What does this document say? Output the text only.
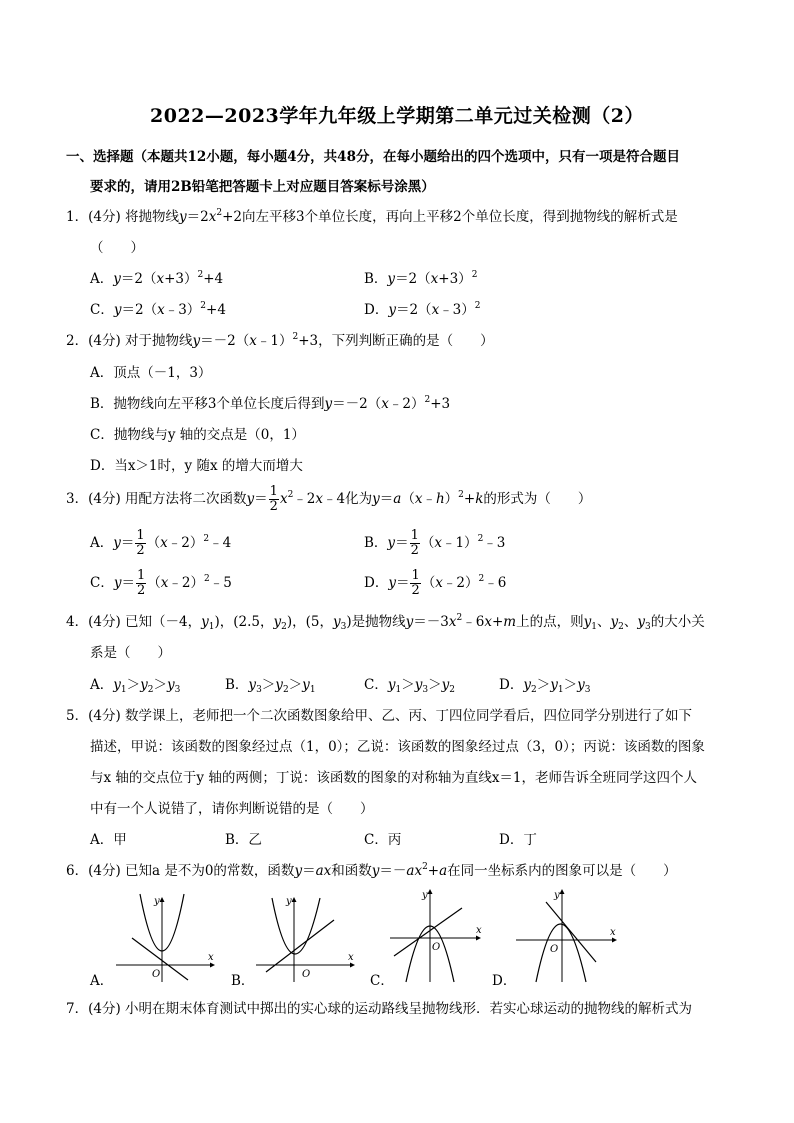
2022—2023学年九年级上学期第二单元过关检测（2）
一、选择题（本题共12小题，每小题4分，共48分，在每小题给出的四个选项中，只有一项是符合题目
要求的，请用2B铅笔把答题卡上对应题目答案标号涂黑）
1．(4分) 将抛物线$y=2x^2+2$向左平移3个单位长度，再向上平移2个单位长度，得到抛物线的解析式是
（　　）
A．$y=2(x+3)^2+4$	B．$y=2(x+3)^2$
C．y＝2（x﹣3）$^2$+4	D．y＝2（x﹣3）$^2$
2．(4分) 对于抛物线y＝－2（x﹣1）$^2$+3，下列判断正确的是（　　）
A．顶点（－1，3）
B．抛物线向左平移3个单位长度后得到y＝－2（x﹣2）$^2$+3
C．抛物线与y 轴的交点是（0，1）
D．当x＞1时，y 随x 的增大而增大
3．(4分) 用配方法将二次函数$y= \frac{1}{2}$ $x^2﹣2x﹣4$化为y＝a（x﹣h）$^2$+k的形式为（　　）
A．$y= \frac{1}{2}$ （x﹣2）$^2$﹣4	B．$y= \frac{1}{2}$ （x﹣1）$^2$﹣3
C．$y= \frac{1}{2}$ （x﹣2）$^2$﹣5	D．$y= \frac{1}{2}$ （x﹣2）$^2$﹣6
4．(4分) 已知（－4，$y_1$)，(2.5，$y_2$)，(5，$y_3$)是抛物线$y=-3x^2﹣6x+m$上的点，则$y_1$、$y_2$、$y_3$的大小关
系是（　　）
A．$y_1>y_2>y_3$	B．$y_3>y_2>y_1$	C．$y_1>y_3>y_2$	D．$y_2>y_1>y_3$
5．(4分) 数学课上，老师把一个二次函数图象给甲、乙、丙、丁四位同学看后，四位同学分别进行了如下
描述，甲说：该函数的图象经过点（1，0）；乙说：该函数的图象经过点（3，0）；丙说：该函数的图象
与x 轴的交点位于y 轴的两侧；丁说：该函数的图象的对称轴为直线x＝1，老师告诉全班同学这四个人
中有一个人说错了，请你判断说错的是（　　）
A．甲	B．乙	C．丙	D．丁
6．(4分) 已知a 是不为0的常数，函数y＝ax和函数$y=-ax^2+a$在同一坐标系内的图象可以是（　　）
A．
y
x
O	B．
y
x
O	C．
y
x
O
D．
y
x
O
7．(4分) 小明在期末体育测试中掷出的实心球的运动路线呈抛物线形．若实心球运动的抛物线的解析式为
